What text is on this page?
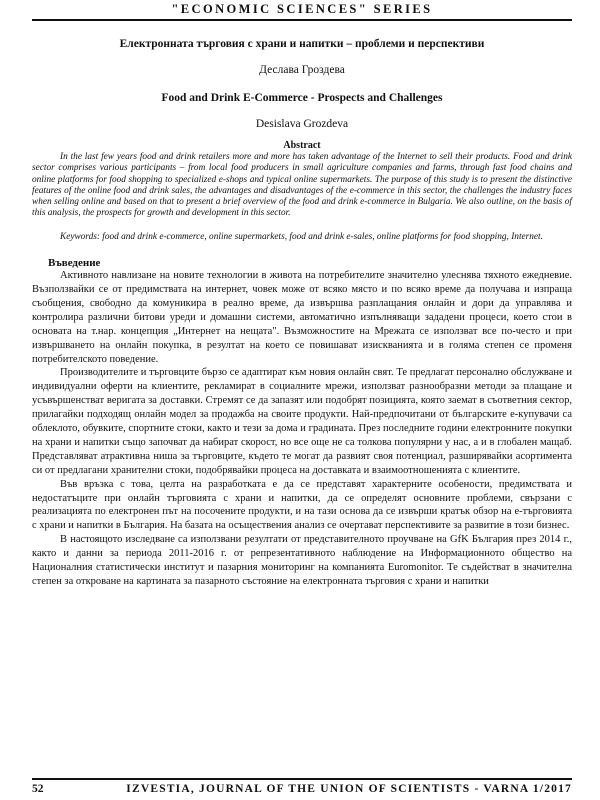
"ECONOMIC SCIENCES" SERIES

Електронната търговия с храни и напитки – проблеми и перспективи

Деслава Гроздева

Food and Drink E-Commerce - Prospects and Challenges

Desislava Grozdeva

Abstract

In the last few years food and drink retailers more and more has taken advantage of the Internet to sell their products. Food and drink sector comprises various participants – from local food producers in small agriculture companies and farms, through fast food chains and online platforms for food shopping to specialized e-shops and typical online supermarkets. The purpose of this study is to present the distinctive features of the online food and drink sales, the advantages and disadvantages of the e-commerce in this sector, the challenges the industry faces when selling online and based on that to present a brief overview of the food and drink e-commerce in Bulgaria. We also outline, on the basis of this analysis, the prospects for growth and development in this sector.

Keywords: food and drink e-commerce, online supermarkets, food and drink e-sales, online platforms for food shopping, Internet.

Въведение

Активното навлизане на новите технологии в живота на потребителите значително улеснява тяхното ежедневие. Възползвайки се от предимствата на интернет, човек може от всяко място и по всяко време да получава и изпраща съобщения, свободно да комуникира в реално време, да извършва разплащания онлайн и дори да управлява и контролира различни битови уреди и домашни системи, автоматично изпълняващи зададени процеси, което стои в основата на т.нар. концепция „Интернет на нещата". Възможностите на Мрежата се използват все по-често и при извършването на онлайн покупка, в резултат на което се повишават изискванията и в голяма степен се променя потребителското поведение.

Производителите и търговците бързо се адаптират към новия онлайн свят. Те предлагат персонално обслужване и индивидуални оферти на клиентите, рекламират в социалните мрежи, използват разнообразни методи за плащане и усъвършенстват веригата за доставки. Стремят се да запазят или подобрят позицията, която заемат в съответния сектор, прилагайки подходящ онлайн модел за продажба на своите продукти. Най-предпочитани от българските е-купувачи са облеклото, обувките, спортните стоки, както и тези за дома и градината. През последните години електронните покупки на храни и напитки също започват да набират скорост, но все още не са толкова популярни у нас, а и в глобален мащаб. Представляват атрактивна ниша за търговците, където те могат да развият своя потенциал, разширявайки асортимента си от предлагани хранителни стоки, подобрявайки процеса на доставката и взаимоотношенията с клиентите.

Във връзка с това, целта на разработката е да се представят характерните особености, предимствата и недостатъците при онлайн търговията с храни и напитки, да се определят основните проблеми, свързани с реализацията по електронен път на посочените продукти, и на тази основа да се извърши кратък обзор на е-търговията с храни и напитки в България. На базата на осъществения анализ се очертават перспективите за развитие в този бизнес.

В настоящото изследване са използвани резултати от представителното проучване на GfK България през 2014 г., както и данни за периода 2011-2016 г. от репрезентативното наблюдение на Информационното общество на Националния статистически институт и пазарния мониторинг на компанията Euromonitor. Те съдействат в значителна степен за откроване на картината за пазарното състояние на електронната търговия с храни и напитки

52	IZVESTIA, JOURNAL OF THE UNION OF SCIENTISTS - VARNA 1/2017
